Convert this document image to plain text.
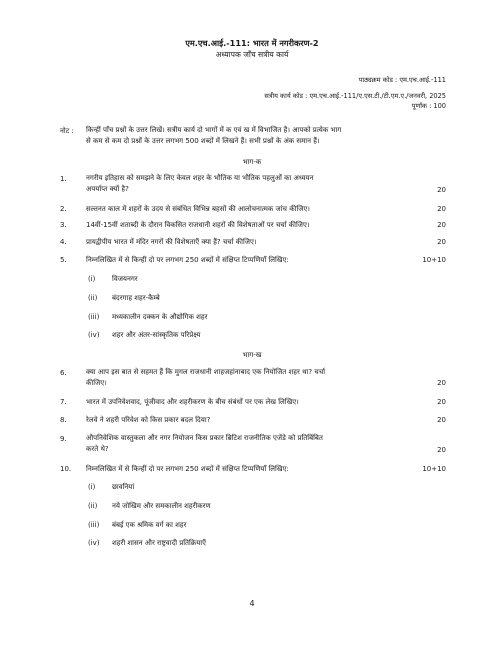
एम.एच.आई.-111: भारत में नगरीकरण-2
अध्यापक जाँच सत्रीय कार्य
पाठ्यक्रम कोड : एम.एच.आई.-111
सत्रीय कार्य कोड : एम.एच.आई.-111/ए.एस.टी./टी.एम.ए./जनवरी, 2025
पूर्णांक : 100
नोट : किन्हीं पाँच प्रश्नों के उत्तर लिखें। सत्रीय कार्य दो भागों में क एवं ख में विभाजित है। आपको प्रत्येक भाग
से कम से कम दो प्रश्नों के उत्तर लगभग 500 शब्दों में लिखने हैं। सभी प्रश्नों के अंक समान हैं।
भाग-क
1.	नगरीय इतिहास को समझने के लिए केवल शहर के भौतिक या भौतिक पहलुओं का अध्ययन
अपर्याप्त क्यों है?	20
2.	सल्तनत काल में शहरों के उदय से संबंधित विभिन्न बहसों की आलोचनात्मक जांच कीजिए।	20
3.	14वीं-15वीं शताब्दी के दौरान विकसित राजधानी शहरों की विशेषताओं पर चर्चा कीजिए।	20
4.	प्रायद्वीपीय भारत में मंदिर नगरों की विशेषताएँ क्या हैं? चर्चा कीजिए।	20
5.	निम्नलिखित में से किन्हीं दो पर लगभग 250 शब्दों में संक्षिप्त टिप्पणियाँ लिखिए:	10+10
(i) विजयनगर
(ii) बंदरगाह शहर-कैम्बे
(iii) मध्यकालीन दक्कन के औद्योगिक शहर
(iv) शहर और अंतर-सांस्कृतिक परिप्रेक्ष्य
भाग-ख
6.	क्या आप इस बात से सहमत हैं कि मुगल राजधानी शाहजहांनाबाद एक नियोजित शहर था? चर्चा
कीजिए।	20
7.	भारत में उपनिवेशवाद, पूंजीवाद और शहरीकरण के बीच संबंधों पर एक लेख लिखिए।	20
8.	रेलवे ने शहरी परिवेश को किस प्रकार बदल दिया?	20
9.	औपनिवेशिक वास्तुकला और नगर नियोजन किस प्रकार ब्रिटिश राजनीतिक एजेंडे को प्रतिबिंबित
करते थे?	20
10. निम्नलिखित में से किन्हीं दो पर लगभग 250 शब्दों में संक्षिप्त टिप्पणियाँ लिखिए:	10+10
(i) छावनियां
(ii) नये जोखिम और समकालीन शहरीकरण
(iii) बंबई एक श्रमिक वर्ग का शहर
(iv) शहरी शासन और राष्ट्रवादी प्रतिक्रियाएँ
4
